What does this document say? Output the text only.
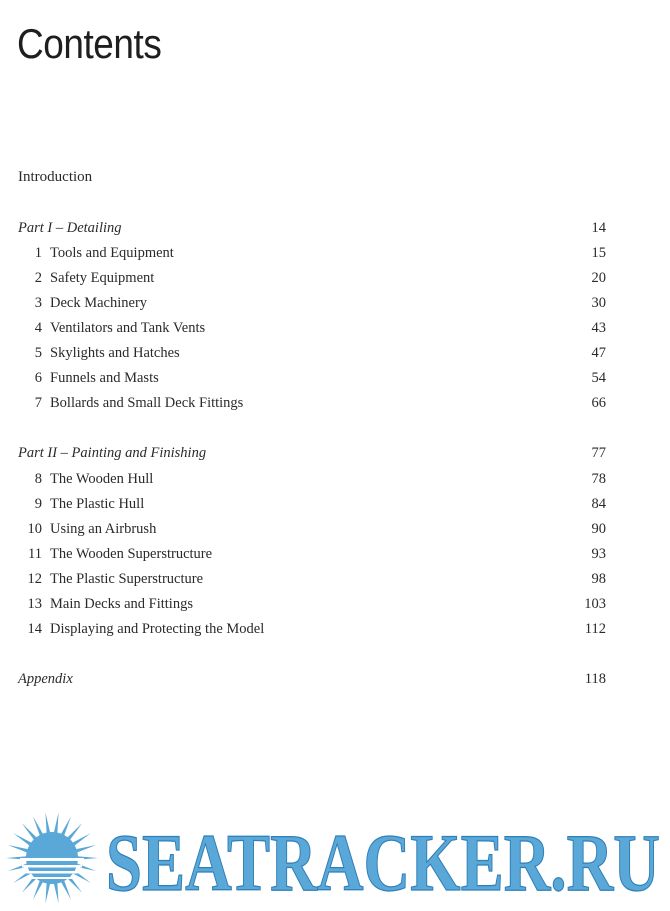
Contents
Introduction
Part I – Detailing	14
1 Tools and Equipment	15
2 Safety Equipment	20
3 Deck Machinery	30
4 Ventilators and Tank Vents	43
5 Skylights and Hatches	47
6 Funnels and Masts	54
7 Bollards and Small Deck Fittings	66
Part II – Painting and Finishing	77
8 The Wooden Hull	78
9 The Plastic Hull	84
10 Using an Airbrush	90
11 The Wooden Superstructure	93
12 The Plastic Superstructure	98
13 Main Decks and Fittings	103
14 Displaying and Protecting the Model	112
Appendix	118
SEATRACKER.RU
